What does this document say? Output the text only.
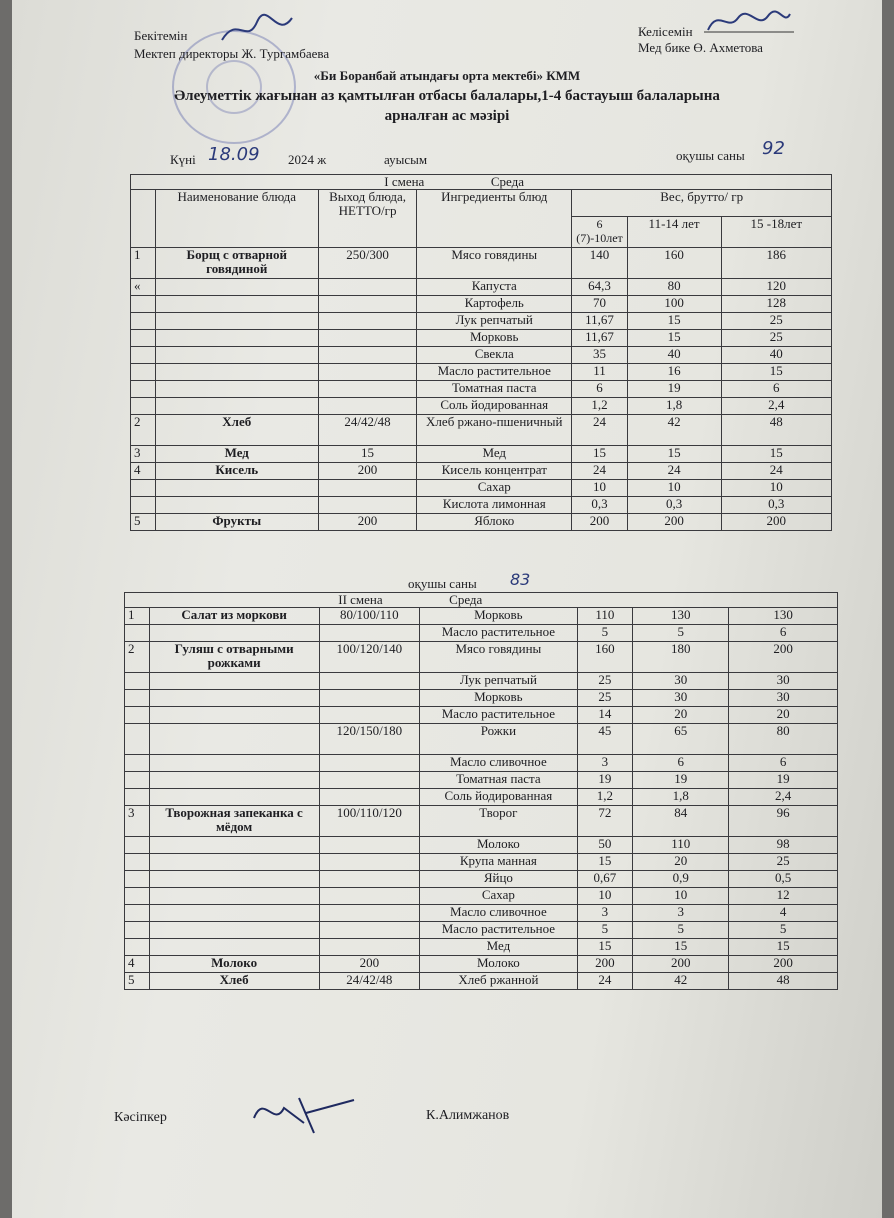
Бекітемін
Мектеп директоры Ж. Тургамбаева
Келісемін
Мед бике Ө. Ахметова
«Би Боранбай атындағы орта мектебі» КММ
Әлеуметтік жағынан аз қамтылған отбасы балалары,1-4 бастауыш балаларына
арналған ас мәзірі
Күні 18.09 2024 ж	ауысым	оқушы саны 92
I смена Среда						
	Наименование блюда	Выход блюда, НЕТТО/гр	Ингредиенты блюд	Вес, брутто/ гр		
				6 (7)-10лет	11-14 лет	15 -18лет
1	Борщ с отварной говядиной	250/300	Мясо говядины	140	160	186
«			Капуста	64,3	80	120
			Картофель	70	100	128
			Лук репчатый	11,67	15	25
			Морковь	11,67	15	25
			Свекла	35	40	40
			Масло растительное	11	16	15
			Томатная паста	6	19	6
			Соль йодированная	1,2	1,8	2,4
2	Хлеб	24/42/48	Хлеб ржано-пшеничный	24	42	48
3	Мед	15	Мед	15	15	15
4	Кисель	200	Кисель концентрат	24	24	24
			Сахар	10	10	10
			Кислота лимонная	0,3	0,3	0,3
5	Фрукты	200	Яблоко	200	200	200
оқушы саны 83
II смена Среда						
1	Салат из моркови	80/100/110	Морковь	110	130	130
			Масло растительное	5	5	6
2	Гуляш с отварными рожками	100/120/140	Мясо говядины	160	180	200
			Лук репчатый	25	30	30
			Морковь	25	30	30
			Масло растительное	14	20	20
		120/150/180	Рожки	45	65	80
			Масло сливочное	3	6	6
			Томатная паста	19	19	19
			Соль йодированная	1,2	1,8	2,4
3	Творожная запеканка с мёдом	100/110/120	Творог	72	84	96
			Молоко	50	110	98
			Крупа манная	15	20	25
			Яйцо	0,67	0,9	0,5
			Сахар	10	10	12
			Масло сливочное	3	3	4
			Масло растительное	5	5	5
			Мед	15	15	15
4	Молоко	200	Молоко	200	200	200
5	Хлеб	24/42/48	Хлеб ржанной	24	42	48
Кәсіпкер	К.Алимжанов
